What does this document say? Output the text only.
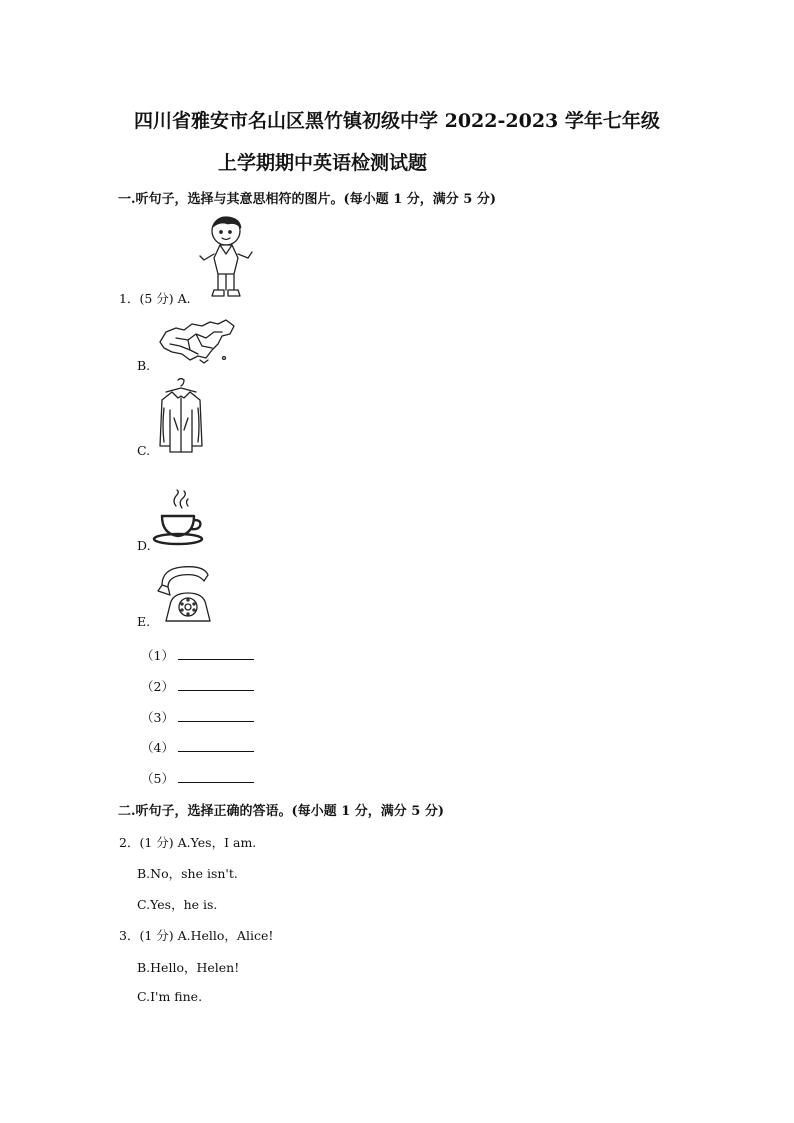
四川省雅安市名山区黑竹镇初级中学 2022-2023 学年七年级
上学期期中英语检测试题
一.听句子，选择与其意思相符的图片。(每小题 1 分，满分 5 分)
1．(5 分) A.
B.
C.
D.
E.
（1）
（2）
（3）
（4）
（5）
二.听句子，选择正确的答语。(每小题 1 分，满分 5 分)
2．(1 分) A.Yes，I am.
B.No，she isn't.
C.Yes，he is.
3．(1 分) A.Hello，Alice!
B.Hello，Helen!
C.I'm fine.
